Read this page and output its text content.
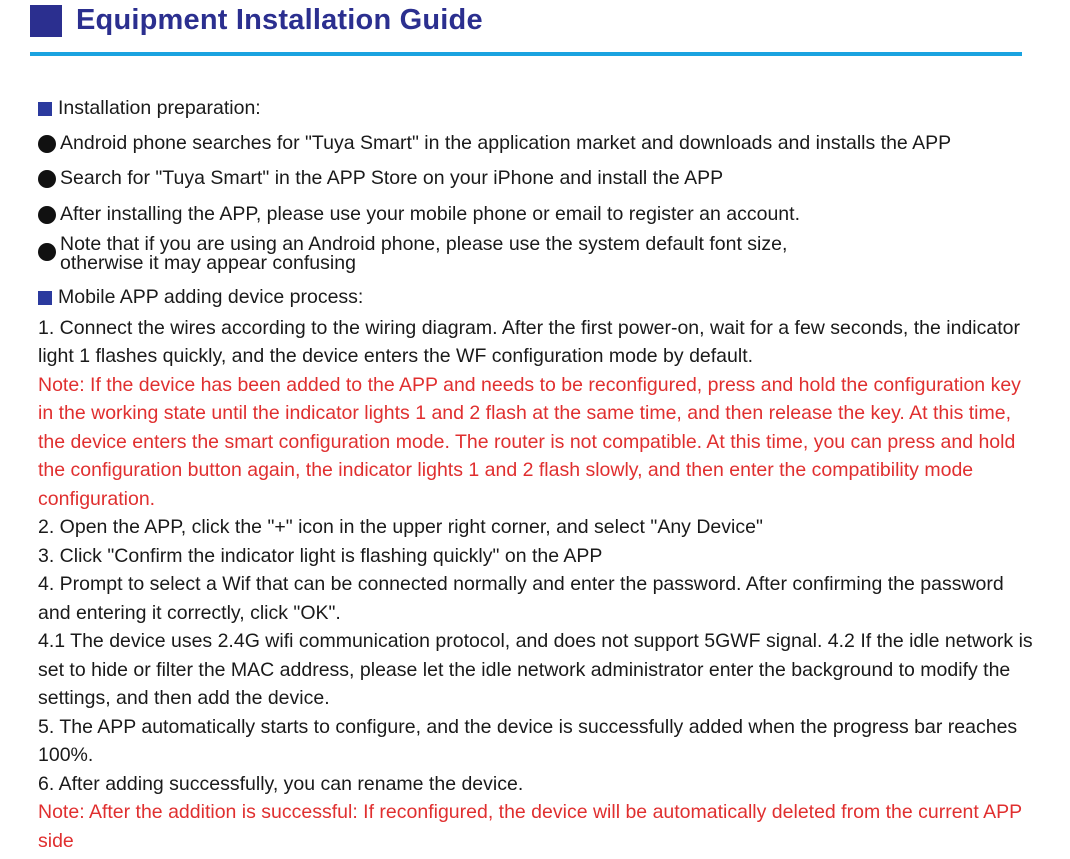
Equipment Installation Guide
Installation preparation:
Android phone searches for "Tuya Smart" in the application market and downloads and installs the APP
Search for "Tuya Smart" in the APP Store on your iPhone and install the APP
After installing the APP, please use your mobile phone or email to register an account.
Note that if you are using an Android phone, please use the system default font size, otherwise it may appear confusing
Mobile APP adding device process:

1. Connect the wires according to the wiring diagram. After the first power-on, wait for a few seconds, the indicator light 1 flashes quickly, and the device enters the WF configuration mode by default.

Note: If the device has been added to the APP and needs to be reconfigured, press and hold the configuration key in the working state until the indicator lights 1 and 2 flash at the same time, and then release the key. At this time, the device enters the smart configuration mode. The router is not compatible. At this time, you can press and hold the configuration button again, the indicator lights 1 and 2 flash slowly, and then enter the compatibility mode configuration.

2. Open the APP, click the "+" icon in the upper right corner, and select "Any Device"

3. Click "Confirm the indicator light is flashing quickly" on the APP

4. Prompt to select a Wif that can be connected normally and enter the password. After confirming the password and entering it correctly, click "OK".

4.1 The device uses 2.4G wifi communication protocol, and does not support 5GWF signal. 4.2 If the idle network is set to hide or filter the MAC address, please let the idle network administrator enter the background to modify the settings, and then add the device.

5. The APP automatically starts to configure, and the device is successfully added when the progress bar reaches 100%.

6. After adding successfully, you can rename the device.

Note: After the addition is successful: If reconfigured, the device will be automatically deleted from the current APP side
